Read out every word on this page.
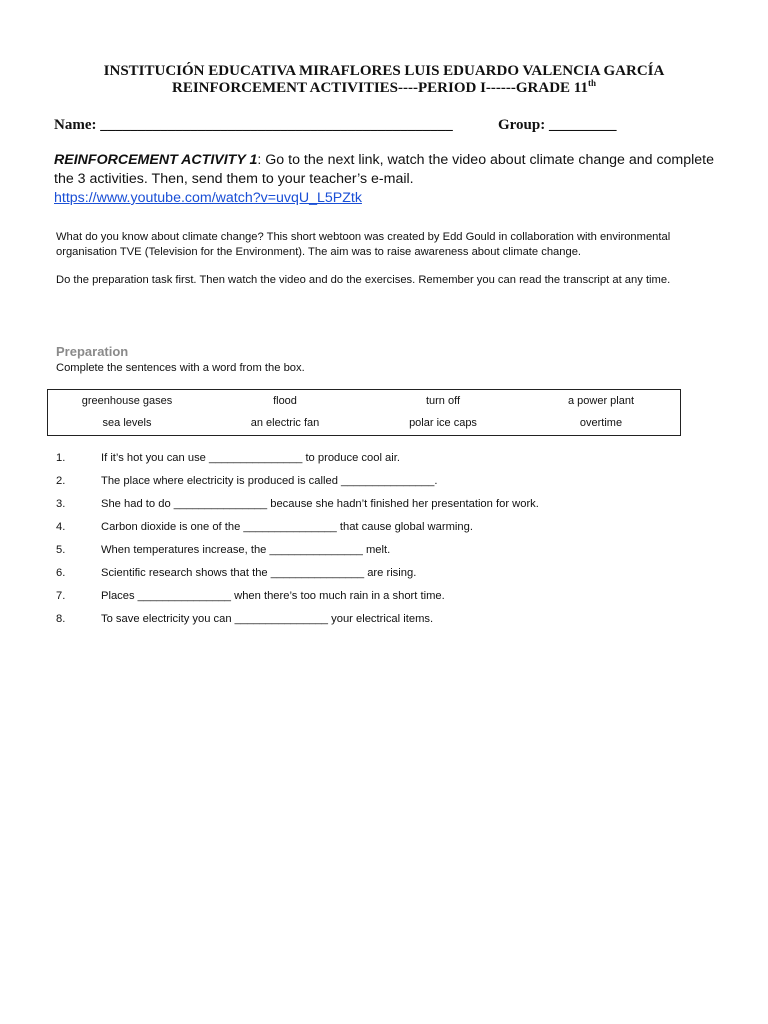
INSTITUCIÓN EDUCATIVA MIRAFLORES LUIS EDUARDO VALENCIA GARCÍA
REINFORCEMENT ACTIVITIES----PERIOD I------GRADE 11th
Name: _______________________________________________	Group: _________
REINFORCEMENT ACTIVITY 1: Go to the next link, watch the video about climate change and complete the 3 activities. Then, send them to your teacher’s e-mail.
https://www.youtube.com/watch?v=uvqU_L5PZtk

What do you know about climate change? This short webtoon was created by Edd Gould in collaboration with environmental organisation TVE (Television for the Environment). The aim was to raise awareness about climate change.

Do the preparation task first. Then watch the video and do the exercises. Remember you can read the transcript at any time.

Preparation
Complete the sentences with a word from the box.
greenhouse gases	flood	turn off	a power plant
sea levels	an electric fan	polar ice caps	overtime
1.	If it’s hot you can use _______________ to produce cool air.
2.	The place where electricity is produced is called _______________.
3.	She had to do _______________ because she hadn’t finished her presentation for work.
4.	Carbon dioxide is one of the _______________ that cause global warming.
5.	When temperatures increase, the _______________ melt.
6.	Scientific research shows that the _______________ are rising.
7.	Places _______________ when there’s too much rain in a short time.
8.	To save electricity you can _______________ your electrical items.
